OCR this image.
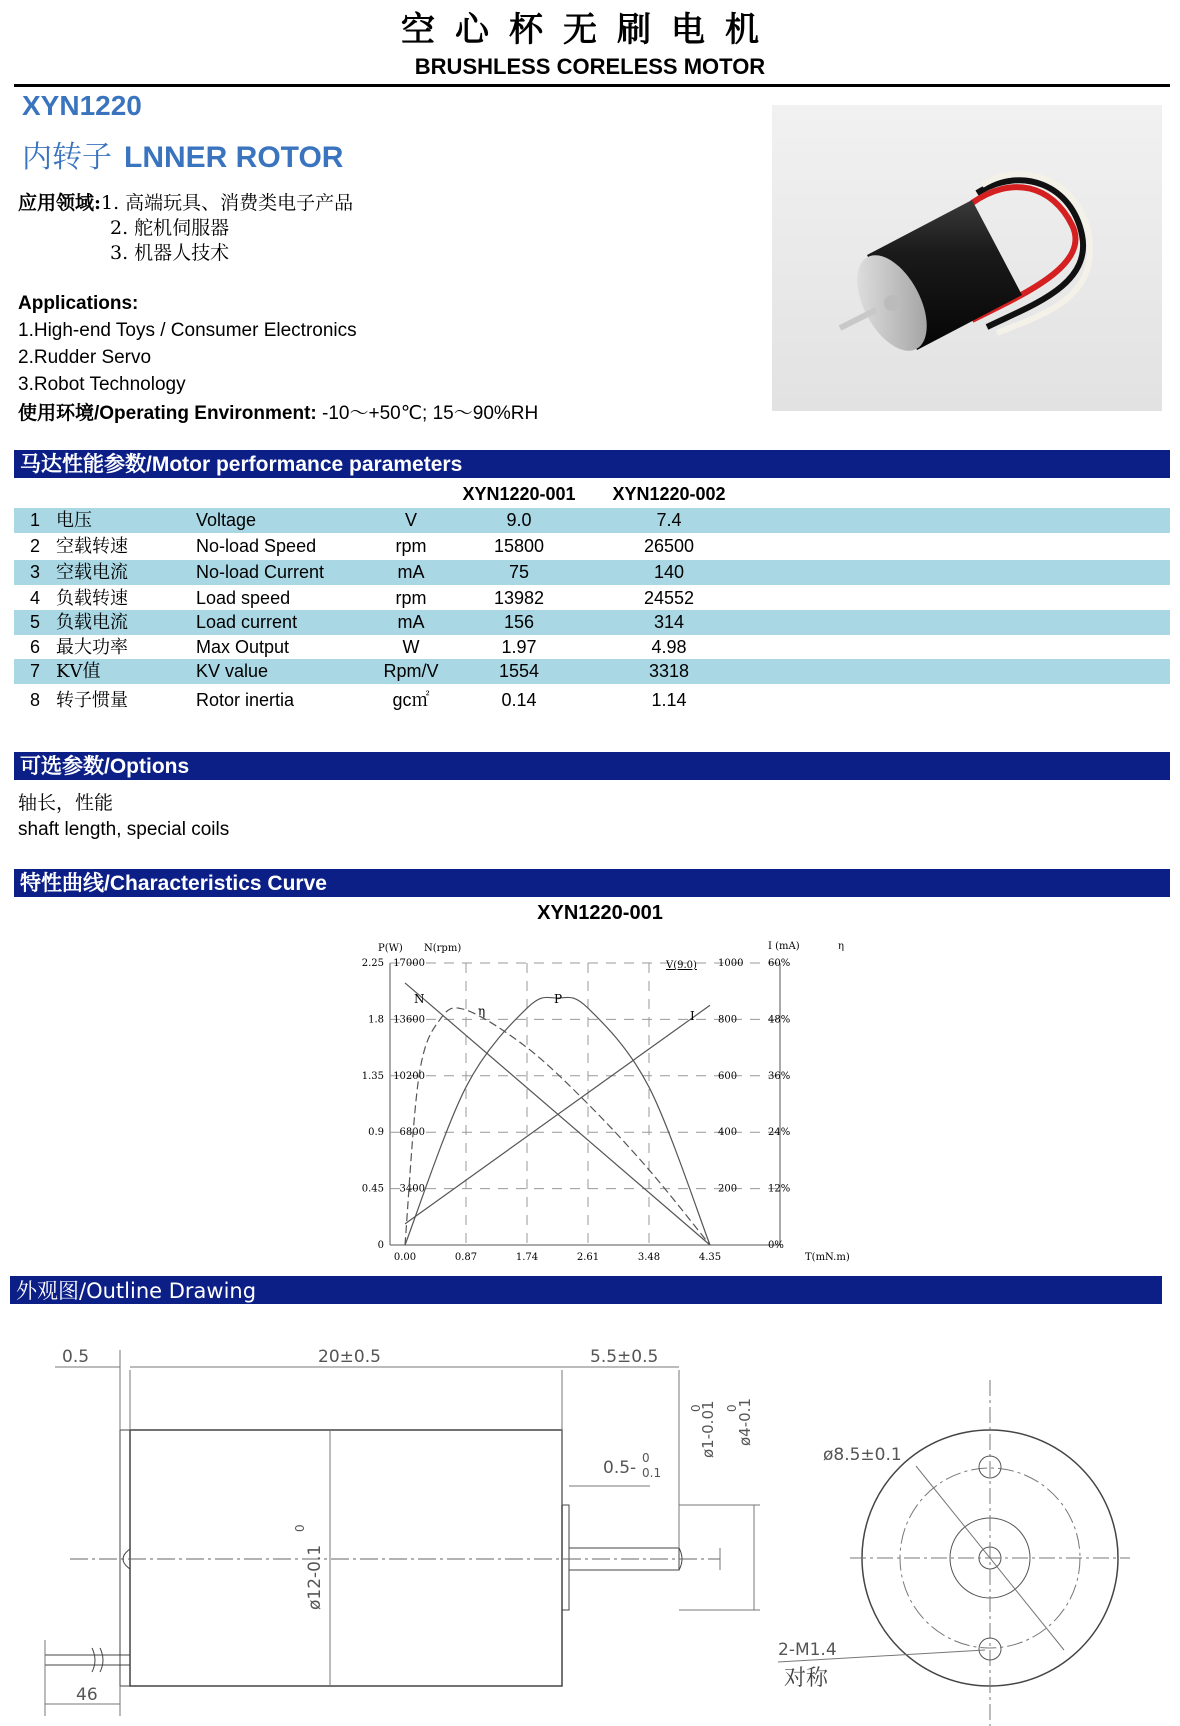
空心杯无刷电机
BRUSHLESS CORELESS MOTOR
XYN1220
内转子 LNNER ROTOR
应用领域:1. 高端玩具、消费类电子产品
2. 舵机伺服器
3. 机器人技术
Applications:
1.High-end Toys / Consumer Electronics
2.Rudder Servo
3.Robot Technology
使用环境/Operating Environment: -10～+50℃; 15～90%RH
马达性能参数/Motor performance parameters
XYN1220-001	XYN1220-002
1 电压	Voltage	V	9.0	7.4
2 空载转速	No-load Speed	rpm	15800	26500
3 空载电流	No-load Current	mA	75	140
4 负载转速	Load speed	rpm	13982	24552
5 负载电流	Load current	mA	156	314
6 最大功率	Max Output	W	1.97	4.98
7 KV值	KV value	Rpm/V	1554	3318
8 转子惯量	Rotor inertia	gc㎡	0.14	1.14
可选参数/Options
轴长，性能
shaft length, special coils
特性曲线/Characteristics Curve
XYN1220-001
P(W) N(rpm)	I (mA)	η
T(mN.m)
V(9.0)
0
0.45
0.9
1.35
1.8
2.25
3400
6800
10200
13600
17000
200
400
600
800
1000
0%
12%
24%
36%
48%
60%
0.00	0.87	1.74	2.61	3.48	4.35
N
η
P
I
外观图/Outline Drawing
0.5	20±0.5	5.5±0.5
0.5- 0
0.1
ø12-0.1
0
ø1-0.01
0 ø4-0.1
0
46
ø8.5±0.1
2-M1.4
对称
